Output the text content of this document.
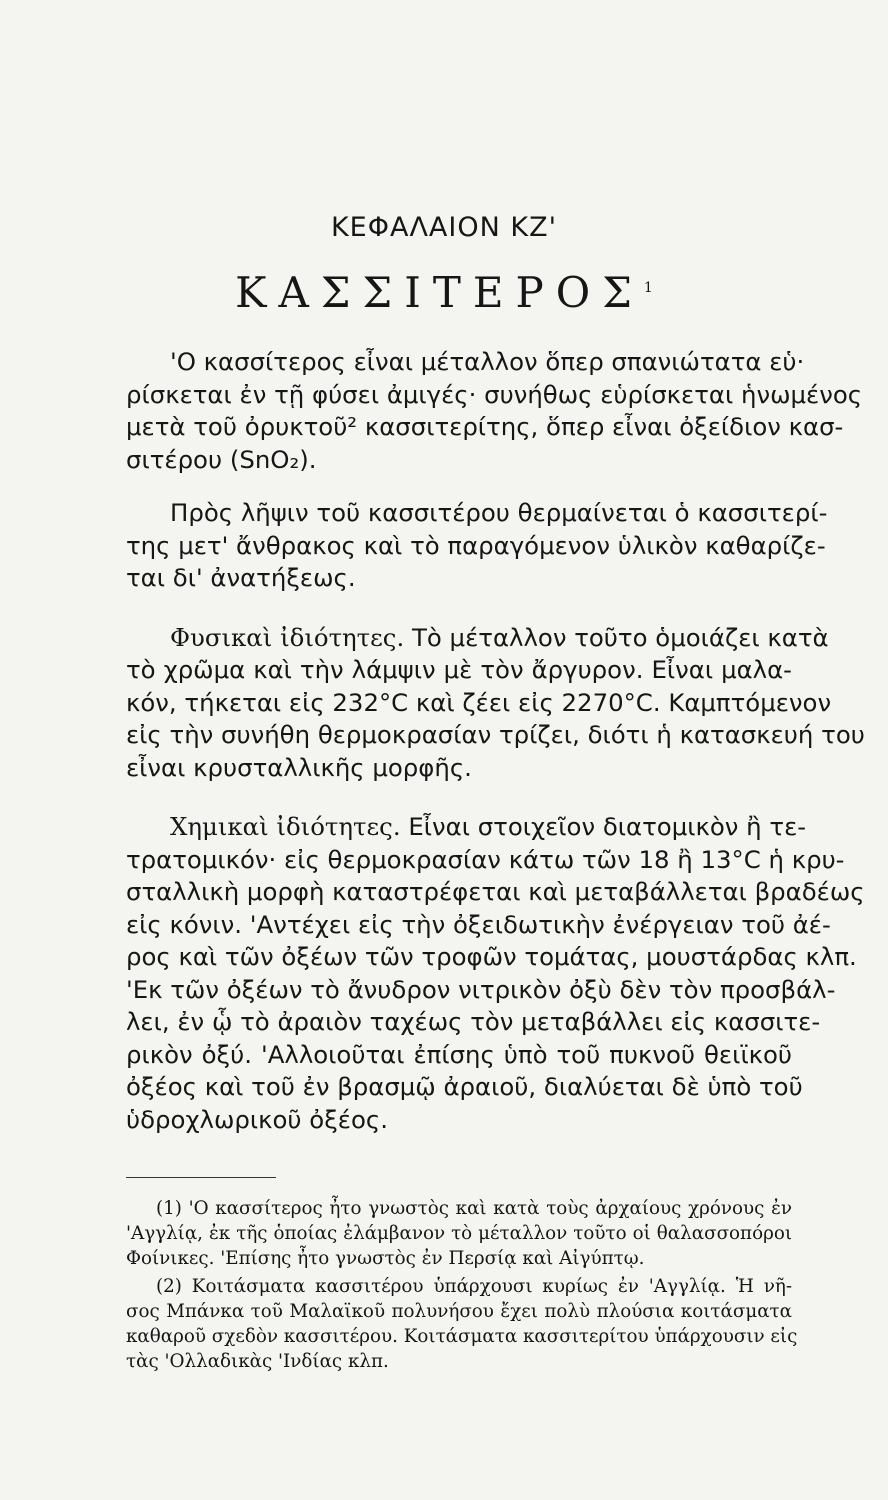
ΚΕΦΑΛΑΙΟΝ ΚΖ'
ΚΑΣΣΙΤΕΡΟΣ$^1$
'Ο κασσίτερος εἶναι μέταλλον ὅπερ σπανιώτατα εὑ·
ρίσκεται ἐν τῇ φύσει ἀμιγές· συνήθως εὑρίσκεται ἡνωμένος
μετὰ τοῦ ὀρυκτοῦ² κασσιτερίτης, ὅπερ εἶναι ὀξείδιον κασ-
σιτέρου (SnO₂).
Πρὸς λῆψιν τοῦ κασσιτέρου θερμαίνεται ὁ κασσιτερί-
της μετ' ἄνθρακος καὶ τὸ παραγόμενον ὑλικὸν καθαρίζε-
ται δι' ἀνατήξεως.
Φυσικαὶ ἰδιότητες. Τὸ μέταλλον τοῦτο ὁμοιάζει κατὰ
τὸ χρῶμα καὶ τὴν λάμψιν μὲ τὸν ἄργυρον. Εἶναι μαλα-
κόν, τήκεται εἰς 232°C καὶ ζέει εἰς 2270°C. Καμπτόμενον
εἰς τὴν συνήθη θερμοκρασίαν τρίζει, διότι ἡ κατασκευή του
εἶναι κρυσταλλικῆς μορφῆς.
Χημικαὶ ἰδιότητες. Εἶναι στοιχεῖον διατομικὸν ἢ τε-
τρατομικόν· εἰς θερμοκρασίαν κάτω τῶν 18 ἢ 13°C ἡ κρυ-
σταλλικὴ μορφὴ καταστρέφεται καὶ μεταβάλλεται βραδέως
εἰς κόνιν. 'Αντέχει εἰς τὴν ὀξειδωτικὴν ἐνέργειαν τοῦ ἀέ-
ρος καὶ τῶν ὀξέων τῶν τροφῶν τομάτας, μουστάρδας κλπ.
'Εκ τῶν ὀξέων τὸ ἄνυδρον νιτρικὸν ὀξὺ δὲν τὸν προσβάλ-
λει, ἐν ᾧ τὸ ἀραιὸν ταχέως τὸν μεταβάλλει εἰς κασσιτε-
ρικὸν ὀξύ. 'Αλλοιοῦται ἐπίσης ὑπὸ τοῦ πυκνοῦ θειϊκοῦ
ὀξέος καὶ τοῦ ἐν βρασμῷ ἀραιοῦ, διαλύεται δὲ ὑπὸ τοῦ
ὑδροχλωρικοῦ ὀξέος.
(1) 'Ο κασσίτερος ἦτο γνωστὸς καὶ κατὰ τοὺς ἀρχαίους χρόνους ἐν
'Αγγλίᾳ, ἐκ τῆς ὁποίας ἐλάμβανον τὸ μέταλλον τοῦτο οἱ θαλασσοπόροι
Φοίνικες. 'Επίσης ἦτο γνωστὸς ἐν Περσίᾳ καὶ Αἰγύπτῳ.
(2) Κοιτάσματα κασσιτέρου ὑπάρχουσι κυρίως ἐν 'Αγγλίᾳ. Ἡ νῆ-
σος Μπάνκα τοῦ Μαλαϊκοῦ πολυνήσου ἔχει πολὺ πλούσια κοιτάσματα
καθαροῦ σχεδὸν κασσιτέρου. Κοιτάσματα κασσιτερίτου ὑπάρχουσιν εἰς
τὰς 'Ολλαδικὰς 'Ινδίας κλπ.
